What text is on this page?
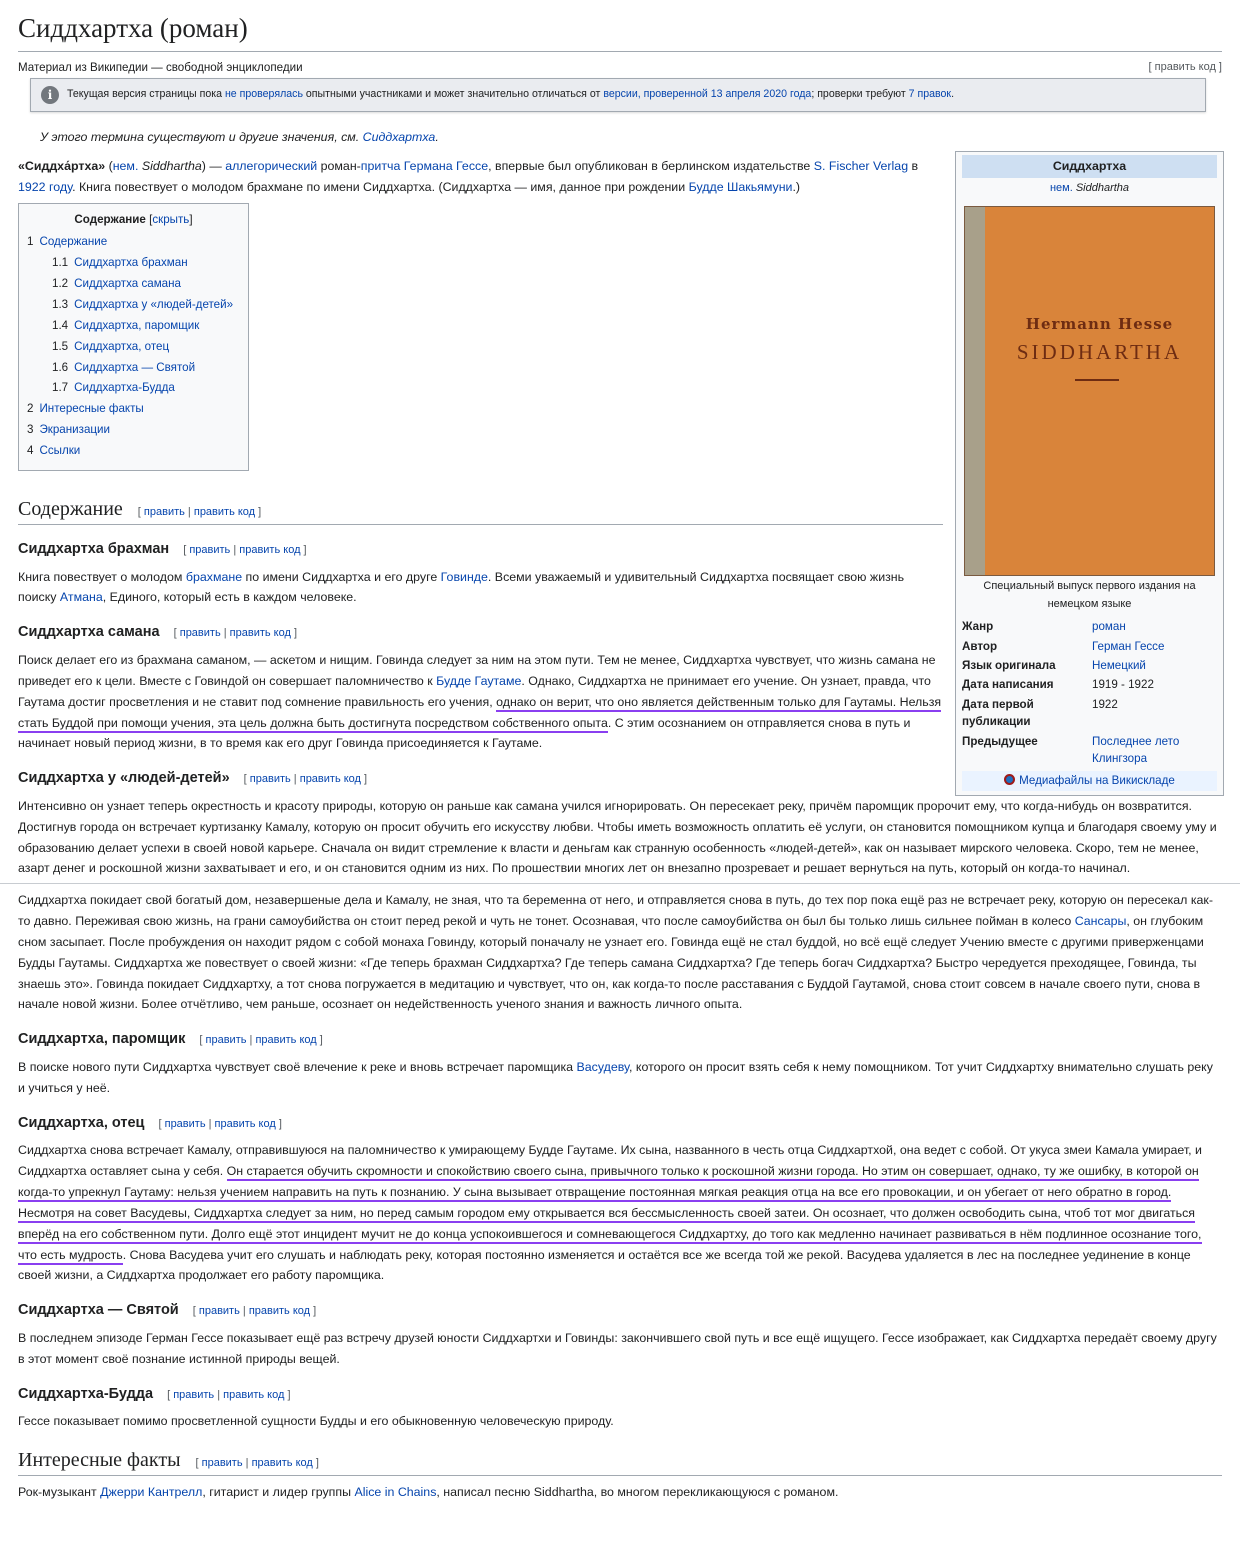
Сиддхартха (роман)
Материал из Википедии — свободной энциклопедии	[ править код ]
i	Текущая версия страницы пока не проверялась опытными участниками и может значительно отличаться от версии, проверенной 13 апреля 2020 года; проверки требуют 7 правок.
У этого термина существуют и другие значения, см. Сиддхартха.
Сиддхартха
нем. Siddhartha
Hermann Hesse
SIDDHARTHA
Специальный выпуск первого издания на немецком языке
Жанр	роман
Автор	Герман Гессе
Язык оригинала	Немецкий
Дата написания	1919 - 1922
Дата первой публикации	1922
Предыдущее	Последнее лето Клингзора
Медиафайлы на Викискладе

«Сиддха́ртха» (нем. Siddhartha) — аллегорический роман-притча Германа Гессе, впервые был опубликован в берлинском издательстве S. Fischer Verlag в 1922 году. Книга повествует о молодом брахмане по имени Сиддхартха. (Сиддхартха — имя, данное при рождении Будде Шакьямуни.)

Содержание [скрыть]
1 Содержание
1.1 Сиддхартха брахман
1.2 Сиддхартха самана
1.3 Сиддхартха у «людей-детей»
1.4 Сиддхартха, паромщик
1.5 Сиддхартха, отец
1.6 Сиддхартха — Святой
1.7 Сиддхартха-Будда
2 Интересные факты
3 Экранизации
4 Ссылки
Содержание [ править | править код ]
Сиддхартха брахман [ править | править код ]

Книга повествует о молодом брахмане по имени Сиддхартха и его друге Говинде. Всеми уважаемый и удивительный Сиддхартха посвящает свою жизнь поиску Атмана, Единого, который есть в каждом человеке.

Сиддхартха самана [ править | править код ]

Поиск делает его из брахмана саманом, — аскетом и нищим. Говинда следует за ним на этом пути. Тем не менее, Сиддхартха чувствует, что жизнь самана не приведет его к цели. Вместе с Говиндой он совершает паломничество к Будде Гаутаме. Однако, Сиддхартха не принимает его учение. Он узнает, правда, что Гаутама достиг просветления и не ставит под сомнение правильность его учения, однако он верит, что оно является действенным только для Гаутамы. Нельзя стать Буддой при помощи учения, эта цель должна быть достигнута посредством собственного опыта. С этим осознанием он отправляется снова в путь и начинает новый период жизни, в то время как его друг Говинда присоединяется к Гаутаме.

Сиддхартха у «людей-детей» [ править | править код ]

Интенсивно он узнает теперь окрестность и красоту природы, которую он раньше как самана учился игнорировать. Он пересекает реку, причём паромщик пророчит ему, что когда-нибудь он возвратится. Достигнув города он встречает куртизанку Камалу, которую он просит обучить его искусству любви. Чтобы иметь возможность оплатить её услуги, он становится помощником купца и благодаря своему уму и образованию делает успехи в своей новой карьере. Сначала он видит стремление к власти и деньгам как странную особенность «людей-детей», как он называет мирского человека. Скоро, тем не менее, азарт денег и роскошной жизни захватывает и его, и он становится одним из них. По прошествии многих лет он внезапно прозревает и решает вернуться на путь, который он когда-то начинал.

Сиддхартха покидает свой богатый дом, незавершеные дела и Камалу, не зная, что та беременна от него, и отправляется снова в путь, до тех пор пока ещё раз не встречает реку, которую он пересекал как-то давно. Переживая свою жизнь, на грани самоубийства он стоит перед рекой и чуть не тонет. Осознавая, что после самоубийства он был бы только лишь сильнее пойман в колесо Сансары, он глубоким сном засыпает. После пробуждения он находит рядом с собой монаха Говинду, который поначалу не узнает его. Говинда ещё не стал буддой, но всё ещё следует Учению вместе с другими приверженцами Будды Гаутамы. Сиддхартха же повествует о своей жизни: «Где теперь брахман Сиддхартха? Где теперь самана Сиддхартха? Где теперь богач Сиддхартха? Быстро чередуется преходящее, Говинда, ты знаешь это». Говинда покидает Сиддхартху, а тот снова погружается в медитацию и чувствует, что он, как когда-то после расставания с Буддой Гаутамой, снова стоит совсем в начале своего пути, снова в начале новой жизни. Более отчётливо, чем раньше, осознает он недейственность ученого знания и важность личного опыта.

Сиддхартха, паромщик [ править | править код ]

В поиске нового пути Сиддхартха чувствует своё влечение к реке и вновь встречает паромщика Васудеву, которого он просит взять себя к нему помощником. Тот учит Сиддхартху внимательно слушать реку и учиться у неё.

Сиддхартха, отец [ править | править код ]

Сиддхартха снова встречает Камалу, отправившуюся на паломничество к умирающему Будде Гаутаме. Их сына, названного в честь отца Сиддхартхой, она ведет с собой. От укуса змеи Камала умирает, и Сиддхартха оставляет сына у себя. Он старается обучить скромности и спокойствию своего сына, привычного только к роскошной жизни города. Но этим он совершает, однако, ту же ошибку, в которой он когда-то упрекнул Гаутаму: нельзя учением направить на путь к познанию. У сына вызывает отвращение постоянная мягкая реакция отца на все его провокации, и он убегает от него обратно в город. Несмотря на совет Васудевы, Сиддхартха следует за ним, но перед самым городом ему открывается вся бессмысленность своей затеи. Он осознает, что должен освободить сына, чтоб тот мог двигаться вперёд на его собственном пути. Долго ещё этот инцидент мучит не до конца успокоившегося и сомневающегося Сиддхартху, до того как медленно начинает развиваться в нём подлинное осознание того, что есть мудрость. Снова Васудева учит его слушать и наблюдать реку, которая постоянно изменяется и остаётся все же всегда той же рекой. Васудева удаляется в лес на последнее уединение в конце своей жизни, а Сиддхартха продолжает его работу паромщика.

Сиддхартха — Святой [ править | править код ]

В последнем эпизоде Герман Гессе показывает ещё раз встречу друзей юности Сиддхартхи и Говинды: закончившего свой путь и все ещё ищущего. Гессе изображает, как Сиддхартха передаёт своему другу в этот момент своё познание истинной природы вещей.

Сиддхартха-Будда [ править | править код ]

Гессе показывает помимо просветленной сущности Будды и его обыкновенную человеческую природу.

Интересные факты [ править | править код ]

Рок-музыкант Джерри Кантрелл, гитарист и лидер группы Alice in Chains, написал песню Siddhartha, во многом перекликающуюся с романом.
